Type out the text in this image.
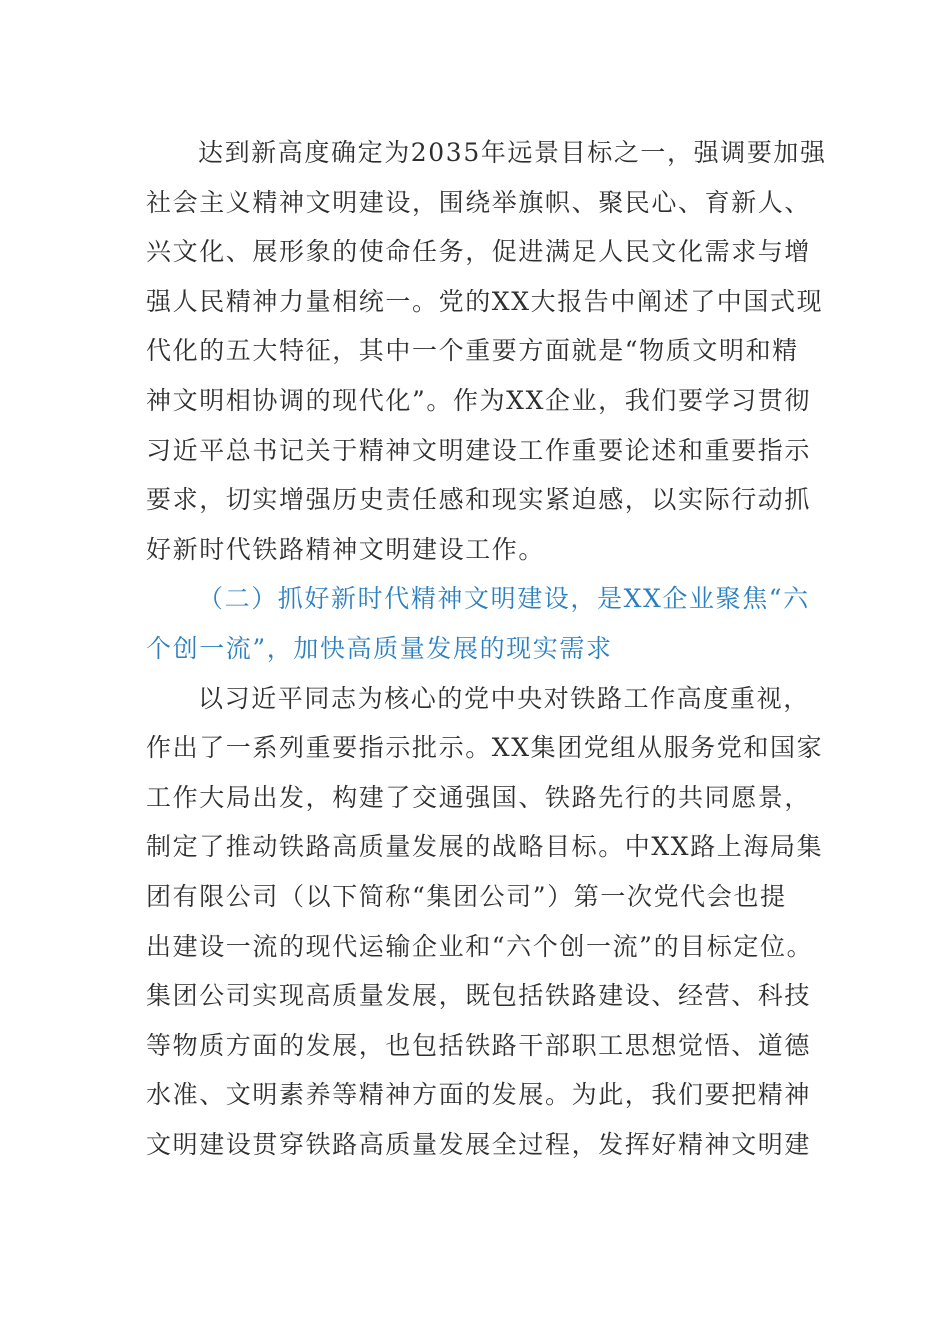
达到新高度确定为2035年远景目标之一，强调要加强
社会主义精神文明建设，围绕举旗帜、聚民心、育新人、
兴文化、展形象的使命任务，促进满足人民文化需求与增
强人民精神力量相统一。党的XX大报告中阐述了中国式现
代化的五大特征，其中一个重要方面就是“物质文明和精
神文明相协调的现代化”。作为XX企业，我们要学习贯彻
习近平总书记关于精神文明建设工作重要论述和重要指示
要求，切实增强历史责任感和现实紧迫感，以实际行动抓
好新时代铁路精神文明建设工作。
（二）抓好新时代精神文明建设，是XX企业聚焦“六
个创一流”，加快高质量发展的现实需求
以习近平同志为核心的党中央对铁路工作高度重视，
作出了一系列重要指示批示。XX集团党组从服务党和国家
工作大局出发，构建了交通强国、铁路先行的共同愿景，
制定了推动铁路高质量发展的战略目标。中XX路上海局集
团有限公司（以下简称“集团公司”）第一次党代会也提
出建设一流的现代运输企业和“六个创一流”的目标定位。
集团公司实现高质量发展，既包括铁路建设、经营、科技
等物质方面的发展，也包括铁路干部职工思想觉悟、道德
水准、文明素养等精神方面的发展。为此，我们要把精神
文明建设贯穿铁路高质量发展全过程，发挥好精神文明建
